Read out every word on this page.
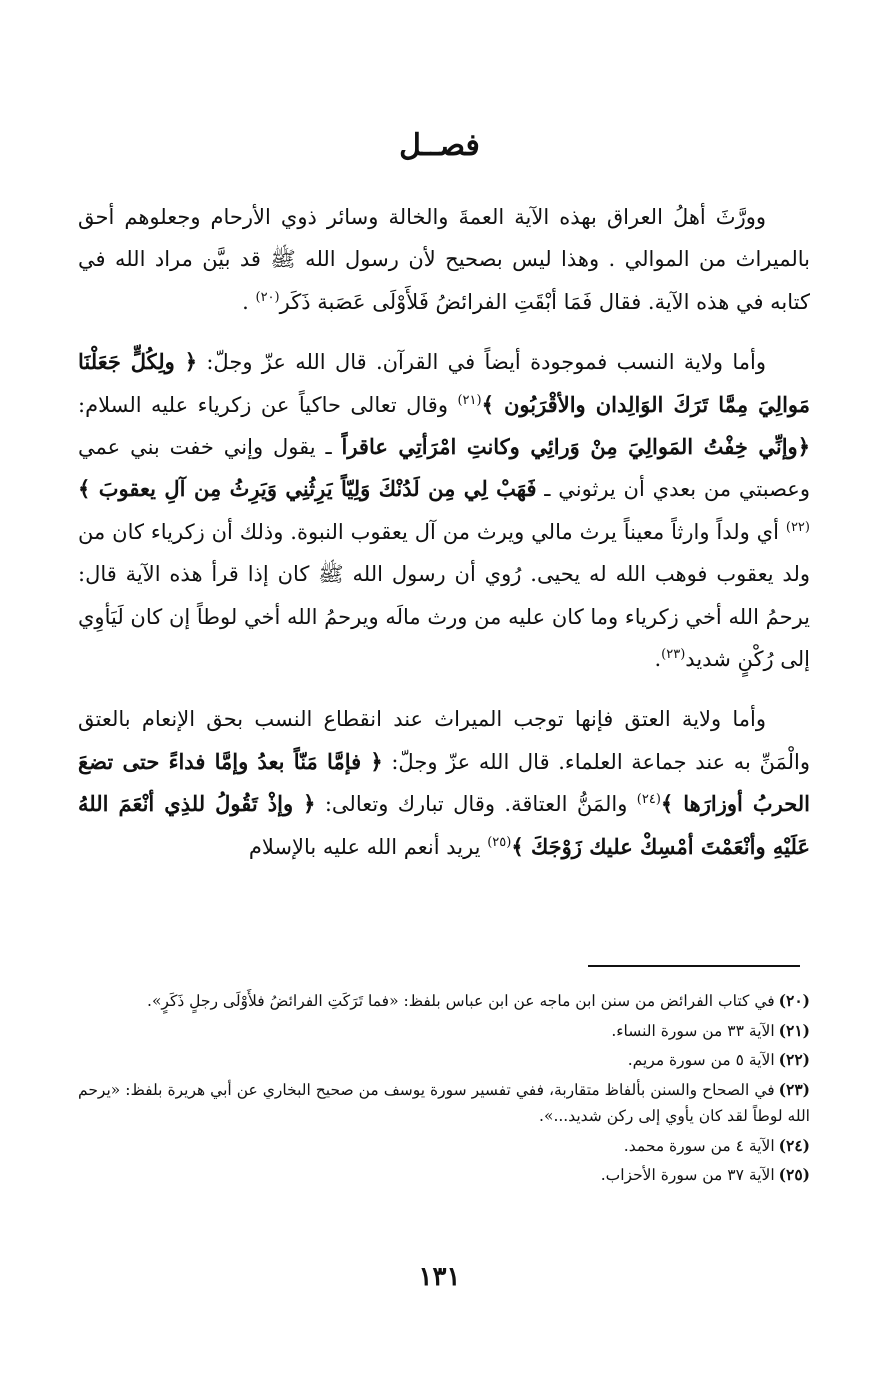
فصــل

وورَّثَ أهلُ العراق بهذه الآية العمةَ والخالة وسائر ذوي الأرحام وجعلوهم أحق بالميراث من الموالي . وهذا ليس بصحيح لأن رسول الله ﷺ قد بيَّن مراد الله في كتابه في هذه الآية. فقال فَمَا أبْقَتِ الفرائضُ فَلأَوْلَى عَصَبة ذَكَر$^{(٢٠)}$ .

وأما ولاية النسب فموجودة أيضاً في القرآن. قال الله عزّ وجلّ: ﴿ ولِكُلٍّ جَعَلْنَا مَوالِيَ مِمَّا تَرَكَ الوَالِدان والأقْرَبُون ﴾$^{(٢١)}$ وقال تعالى حاكياً عن زكرياء عليه السلام: ﴿وإنِّي خِفْتُ المَوالِيَ مِنْ وَرائِي وكانتِ امْرَأتِي عاقراً ـ يقول وإني خفت بني عمي وعصبتي من بعدي أن يرثوني ـ فَهَبْ لِي مِن لَدُنْكَ وَلِيّاً يَرِثُنِي وَيَرِثُ مِن آلِ يعقوبَ ﴾$^{(٢٢)}$ أي ولداً وارثاً معيناً يرث مالي ويرث من آل يعقوب النبوة. وذلك أن زكرياء كان من ولد يعقوب فوهب الله له يحيى. رُوي أن رسول الله ﷺ كان إذا قرأ هذه الآية قال: يرحمُ الله أخي زكرياء وما كان عليه من ورث مالَه ويرحمُ الله أخي لوطاً إن كان لَيَأوِي إلى رُكْنٍ شديد$^{(٢٣)}$.

وأما ولاية العتق فإنها توجب الميراث عند انقطاع النسب بحق الإنعام بالعتق والْمَنِّ به عند جماعة العلماء. قال الله عزّ وجلّ: ﴿ فإمَّا مَنّاً بعدُ وإمَّا فداءً حتى تضعَ الحربُ أوزارَها ﴾$^{(٢٤)}$ والمَنُّ العتاقة. وقال تبارك وتعالى: ﴿ وإذْ تَقُولُ للذِي أنْعَمَ اللهُ عَلَيْهِ وأنْعَمْتَ أمْسِكْ عليك زَوْجَكَ ﴾$^{(٢٥)}$ يريد أنعم الله عليه بالإسلام

(٢٠)في كتاب الفرائض من سنن ابن ماجه عن ابن عباس بلفظ: «فما تَرَكَتِ الفرائضُ فلأَوْلَى رجلٍ ذَكَرٍ».
(٢١)الآية ٣٣ من سورة النساء.
(٢٢)الآية ٥ من سورة مريم.
(٢٣)في الصحاح والسنن بألفاظ متقاربة، ففي تفسير سورة يوسف من صحيح البخاري عن أبي هريرة بلفظ: «يرحم الله لوطاً لقد كان يأوي إلى ركن شديد...».
(٢٤)الآية ٤ من سورة محمد.
(٢٥)الآية ٣٧ من سورة الأحزاب.
١٣١
